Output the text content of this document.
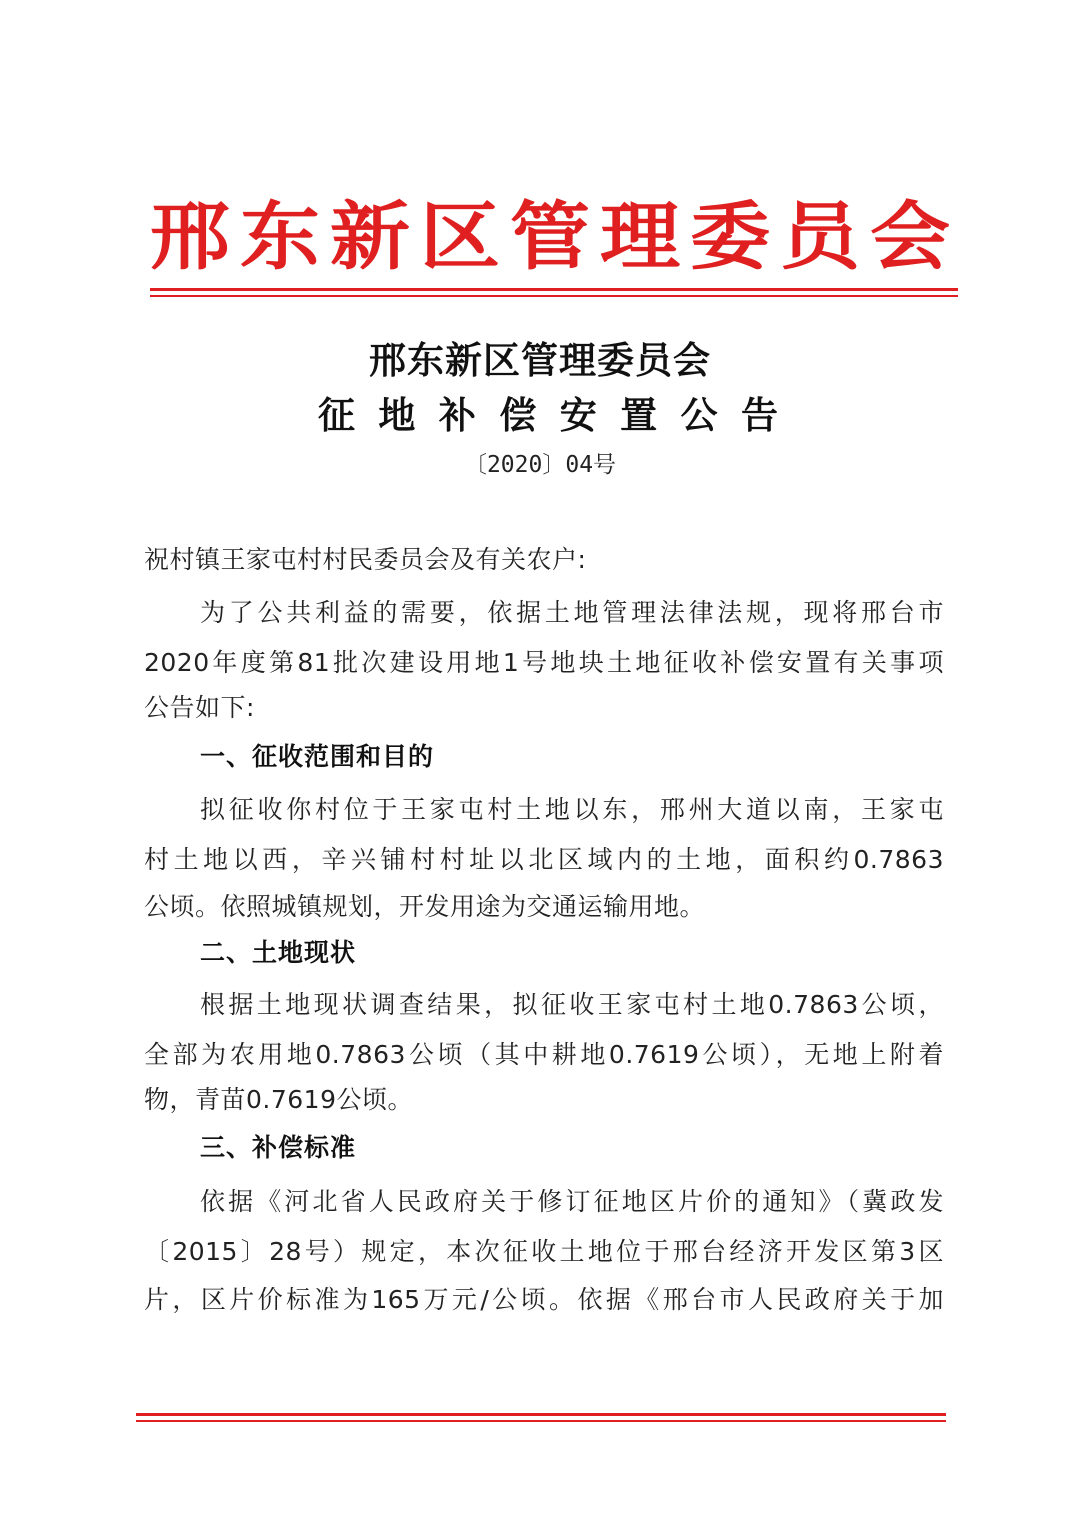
邢 东 新 区 管 理 委 员 会
邢东新区管理委员会
征 地 补 偿 安 置 公 告
〔2020〕04号
祝村镇王家屯村村民委员会及有关农户:
为了公共利益的需要，依据土地管理法律法规，现将邢台市
2020年度第81批次建设用地1号地块土地征收补偿安置有关事项
公告如下:
一、征收范围和目的
拟征收你村位于王家屯村土地以东，邢州大道以南，王家屯
村土地以西，辛兴铺村村址以北区域内的土地，面积约0.7863
公顷。依照城镇规划，开发用途为交通运输用地。
二、土地现状
根据土地现状调查结果，拟征收王家屯村土地0.7863公顷，
全部为农用地0.7863公顷（其中耕地0.7619公顷），无地上附着
物，青苗0.7619公顷。
三、补偿标准
依据《河北省人民政府关于修订征地区片价的通知》（冀政发
〔2015〕28号）规定，本次征收土地位于邢台经济开发区第3区
片，区片价标准为165万元/公顷。依据《邢台市人民政府关于加
